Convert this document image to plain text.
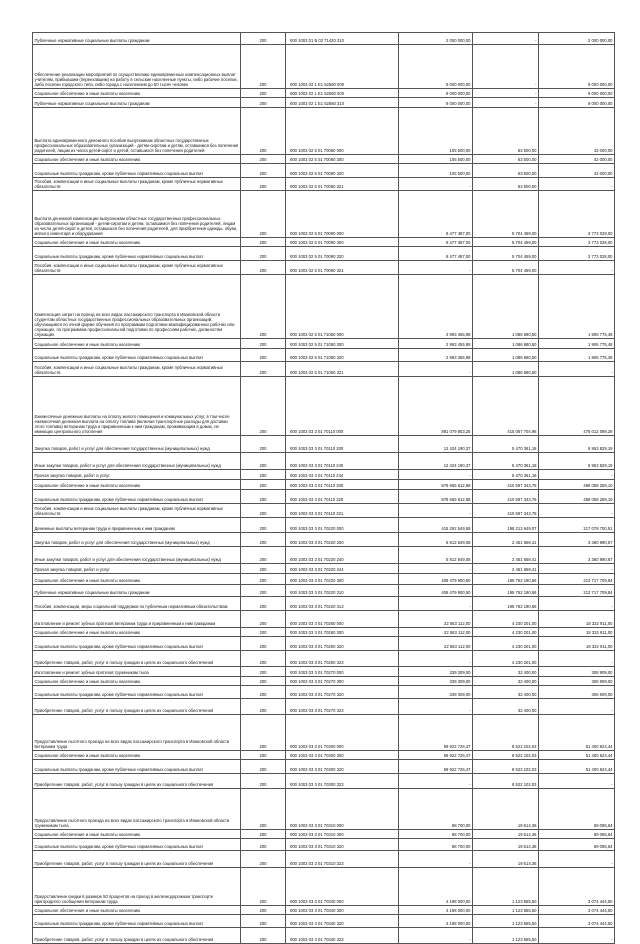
Публичные нормативные социальные выплаты гражданам	200	000 1003 01 Б 02 71420 310	2 000 000,00	-	2 000 000,00
Обеспечение реализации мероприятий по осуществлению единовременных компенсационных выплат учителям, прибывшим (переехавшим) на работу в сельские населенные пункты, либо рабочие поселки, либо поселки городского типа, либо города с населением до 50 тысяч человек	200	000 1003 02 1 E1 52560 000	9 000 000,00	-	9 000 000,00
Социальное обеспечение и иные выплаты населению	200	000 1003 02 1 E1 52560 300	9 000 000,00	-	9 000 000,00
Публичные нормативные социальные выплаты гражданам	200	000 1003 02 1 E1 52560 310	9 000 000,00	-	9 000 000,00
Выплата единовременного денежного пособия выпускникам областных государственных профессиональных образовательных организаций - детям-сиротам и детям, оставшимся без попечения родителей, лицам из числа детей-сирот и детей, оставшихся без попечения родителей	200	000 1003 02 5 01 70080 000	105 500,00	63 500,00	42 000,00
Социальное обеспечение и иные выплаты населению	200	000 1003 02 5 01 70080 300	105 500,00	63 500,00	42 000,00
Социальные выплаты гражданам, кроме публичных нормативных социальных выплат	200	000 1003 02 5 01 70080 320	105 500,00	63 500,00	42 000,00
Пособия, компенсации и иные социальные выплаты гражданам, кроме публичных нормативных обязательств	200	000 1003 02 5 01 70080 321	-	63 500,00	-
Выплата денежной компенсации выпускникам областных государственных профессиональных образовательных организаций - детям-сиротам и детям, оставшимся без попечения родителей, лицам из числа детей-сирот и детей, оставшихся без попечения родителей, для приобретения одежды, обуви, мягкого инвентаря и оборудования	200	000 1003 02 5 01 70090 000	9 477 487,00	5 704 459,00	3 773 028,00
Социальное обеспечение и иные выплаты населению	200	000 1003 02 5 01 70090 300	9 477 487,00	5 704 459,00	3 773 028,00
Социальные выплаты гражданам, кроме публичных нормативных социальных выплат	200	000 1003 02 5 01 70090 320	9 477 487,00	5 704 459,00	3 773 028,00
Пособия, компенсации и иные социальные выплаты гражданам, кроме публичных нормативных обязательств	200	000 1003 02 5 01 70090 321	-	5 704 459,00	-
Компенсация затрат на проезд на всех видах пассажирского транспорта в Ивановской области студентам областных государственных профессиональных образовательных организаций, обучающимся по очной форме обучения по программам подготовки квалифицированных рабочих или служащих, по программам профессиональной подготовки по профессиям рабочих, должностям служащих	200	000 1003 02 5 01 71050 000	2 993 455,98	1 086 680,50	1 906 775,48
Социальное обеспечение и иные выплаты населению	200	000 1003 02 5 01 71050 300	2 993 455,98	1 086 680,50	1 906 775,48
Социальные выплаты гражданам, кроме публичных нормативных социальных выплат	200	000 1003 02 5 01 71050 320	2 993 455,98	1 086 680,50	1 906 775,48
Пособия, компенсации и иные социальные выплаты гражданам, кроме публичных нормативных обязательств	200	000 1003 02 5 01 71050 321	-	1 086 680,50	-
Ежемесячные денежные выплаты на оплату жилого помещения и коммунальных услуг, в том числе ежемесячная денежная выплата на оплату топлива (включая транспортные расходы для доставки этого топлива) ветеранам труда и приравненным к ним гражданам, проживающим в домах, не имеющих центрального отопления	200	000 1003 03 3 01 70110 000	891 079 803,25	415 067 704,96	476 012 098,29
Закупка товаров, работ и услуг для обеспечения государственных (муниципальных) нужд	200	000 1003 03 3 01 70110 200	12 424 190,37	5 470 361,18	6 953 829,19
Иные закупки товаров, работ и услуг для обеспечения государственных (муниципальных) нужд	200	000 1003 03 3 01 70110 240	12 424 190,37	5 470 361,18	6 953 829,19
Прочая закупка товаров, работ и услуг	200	000 1003 03 3 01 70110 244	-	5 470 361,18	-
Социальное обеспечение и иные выплаты населению	200	000 1003 03 3 01 70110 300	878 655 612,88	410 597 343,78	468 058 269,10
Социальные выплаты гражданам, кроме публичных нормативных социальных выплат	200	000 1003 03 3 01 70110 320	878 655 612,88	410 597 343,78	468 058 269,10
Пособия, компенсации и иные социальные выплаты гражданам, кроме публичных нормативных обязательств	200	000 1003 03 3 01 70110 321	-	410 597 343,78	-
Денежные выплаты ветеранам труда и приравненным к ним гражданам	200	000 1003 03 3 01 70220 000	415 292 549,58	198 213 649,07	217 078 700,51
Закупка товаров, работ и услуг для обеспечения государственных (муниципальных) нужд	200	000 1003 03 3 01 70220 200	5 812 649,08	2 451 658,41	3 360 990,67
Иные закупки товаров, работ и услуг для обеспечения государственных (муниципальных) нужд	200	000 1003 03 3 01 70220 240	5 812 649,08	2 451 658,41	3 360 990,67
Прочая закупка товаров, работ и услуг	200	000 1003 03 3 01 70220 244	-	2 451 658,41	-
Социальное обеспечение и иные выплаты населению	200	000 1003 03 3 01 70220 300	409 479 900,50	195 762 190,66	213 717 709,84
Публичные нормативные социальные выплаты гражданам	200	000 1003 03 3 01 70220 310	409 479 900,50	195 762 190,66	213 717 709,84
Пособия, компенсации, меры социальной поддержки по публичным нормативным обязательствам	200	000 1003 03 3 01 70220 313	-	195 762 190,66	-
Изготовление и ремонт зубных протезов ветеранам труда и приравненным к ним гражданам	200	000 1003 03 3 01 70260 000	22 563 112,00	4 230 201,00	18 332 911,00
Социальное обеспечение и иные выплаты населению	200	000 1003 03 3 01 70260 300	22 563 112,00	4 230 201,00	18 332 911,00
Социальные выплаты гражданам, кроме публичных нормативных социальных выплат	200	000 1003 03 3 01 70260 320	22 563 112,00	4 230 201,00	18 332 911,00
Приобретение товаров, работ, услуг в пользу граждан в целях их социального обеспечения	200	000 1003 03 3 01 70260 323	-	4 230 201,00	-
Изготовление и ремонт зубных протезов труженикам тыла	200	000 1003 03 3 01 70270 000	339 309,00	32 400,00	306 909,00
Социальное обеспечение и иные выплаты населению	200	000 1003 03 3 01 70270 300	339 309,00	32 400,00	306 909,00
Социальные выплаты гражданам, кроме публичных нормативных социальных выплат	200	000 1003 03 3 01 70270 320	339 309,00	32 400,00	306 909,00
Приобретение товаров, работ, услуг в пользу граждан в целях их социального обеспечения	200	000 1003 03 3 01 70270 323	-	32 400,00	-
Предоставление льготного проезда на всех видах пассажирского транспорта в Ивановской области ветеранам труда	200	000 1003 03 3 01 70300 000	59 922 726,47	8 522 102,03	51 400 624,44
Социальное обеспечение и иные выплаты населению	200	000 1003 03 3 01 70300 300	59 922 726,47	8 522 102,03	51 400 624,44
Социальные выплаты гражданам, кроме публичных нормативных социальных выплат	200	000 1003 03 3 01 70300 320	59 922 726,47	8 522 102,03	51 400 624,44
Приобретение товаров, работ, услуг в пользу граждан в целях их социального обеспечения	200	000 1003 03 3 01 70300 323	-	8 522 102,03	-
Предоставление льготного проезда на всех видах пассажирского транспорта в Ивановской области труженикам тыла	200	000 1003 03 3 01 70310 000	88 700,00	19 614,36	69 085,64
Социальное обеспечение и иные выплаты населению	200	000 1003 03 3 01 70310 300	88 700,00	19 614,36	69 085,64
Социальные выплаты гражданам, кроме публичных нормативных социальных выплат	200	000 1003 03 3 01 70310 320	88 700,00	19 614,36	69 085,64
Приобретение товаров, работ, услуг в пользу граждан в целях их социального обеспечения	200	000 1003 03 3 01 70310 323	-	19 614,36	-
Предоставление скидки в размере 50 процентов на проезд в железнодорожном транспорте пригородного сообщения ветеранам труда	200	000 1003 03 3 01 70340 000	4 198 000,00	1 123 555,50	3 074 444,50
Социальное обеспечение и иные выплаты населению	200	000 1003 03 3 01 70340 300	4 198 000,00	1 123 555,50	3 074 444,50
Социальные выплаты гражданам, кроме публичных нормативных социальных выплат	200	000 1003 03 3 01 70340 320	4 198 000,00	1 123 555,50	3 074 444,50
Приобретение товаров, работ, услуг в пользу граждан в целях их социального обеспечения	200	000 1003 03 3 01 70340 323	-	1 123 555,50	-
